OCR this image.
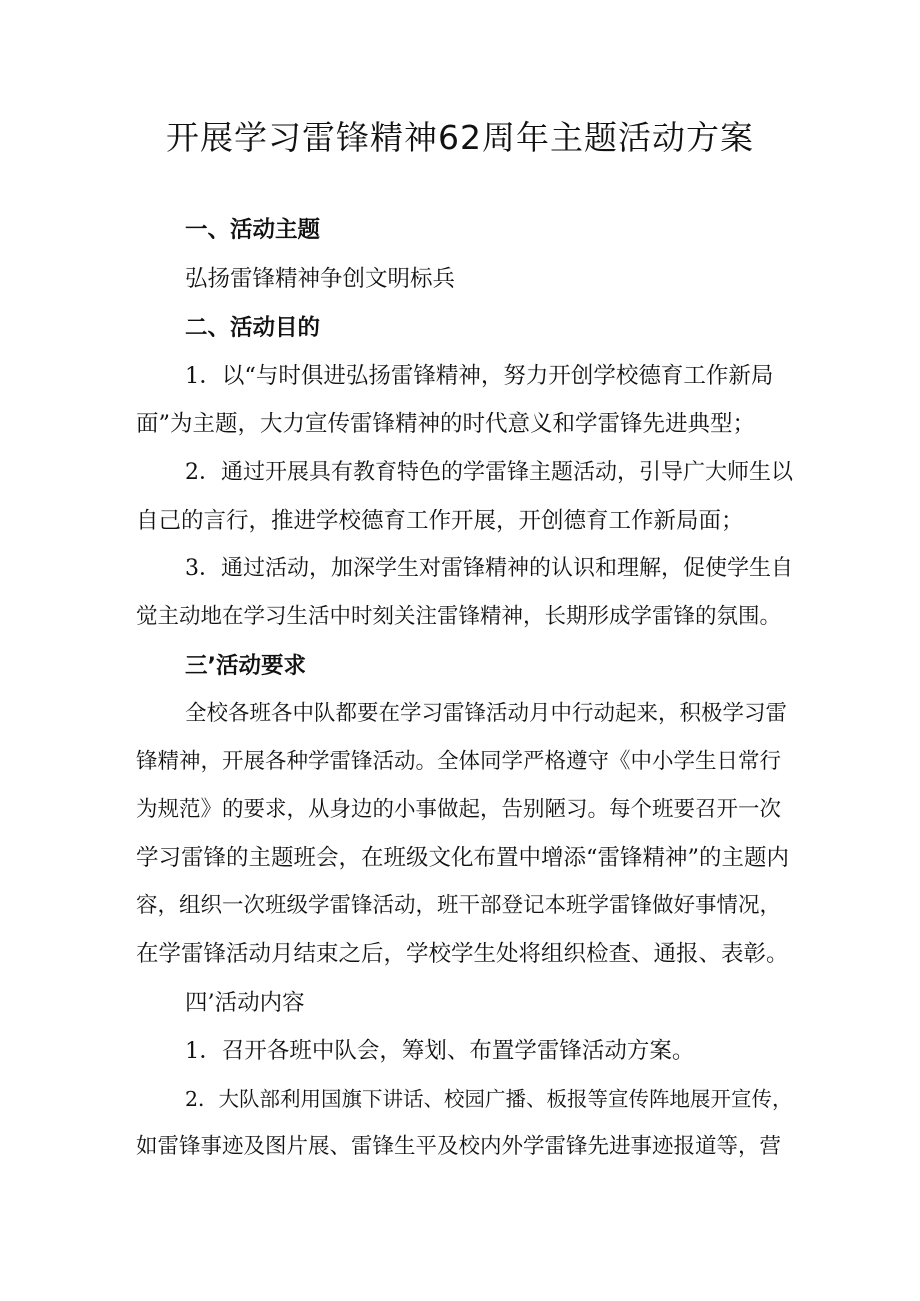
开展学习雷锋精神62周年主题活动方案

一、活动主题

弘扬雷锋精神争创文明标兵

二、活动目的

1．以“与时俱进弘扬雷锋精神，努力开创学校德育工作新局

面”为主题，大力宣传雷锋精神的时代意义和学雷锋先进典型；

2．通过开展具有教育特色的学雷锋主题活动，引导广大师生以

自己的言行，推进学校德育工作开展，开创德育工作新局面；

3．通过活动，加深学生对雷锋精神的认识和理解，促使学生自

觉主动地在学习生活中时刻关注雷锋精神，长期形成学雷锋的氛围。

三’活动要求

全校各班各中队都要在学习雷锋活动月中行动起来，积极学习雷

锋精神，开展各种学雷锋活动。全体同学严格遵守《中小学生日常行

为规范》的要求，从身边的小事做起，告别陋习。每个班要召开一次

学习雷锋的主题班会，在班级文化布置中增添“雷锋精神”的主题内

容，组织一次班级学雷锋活动，班干部登记本班学雷锋做好事情况，

在学雷锋活动月结束之后，学校学生处将组织检查、通报、表彰。

四’活动内容

1．召开各班中队会，筹划、布置学雷锋活动方案。

2．大队部利用国旗下讲话、校园广播、板报等宣传阵地展开宣传，

如雷锋事迹及图片展、雷锋生平及校内外学雷锋先进事迹报道等，营
